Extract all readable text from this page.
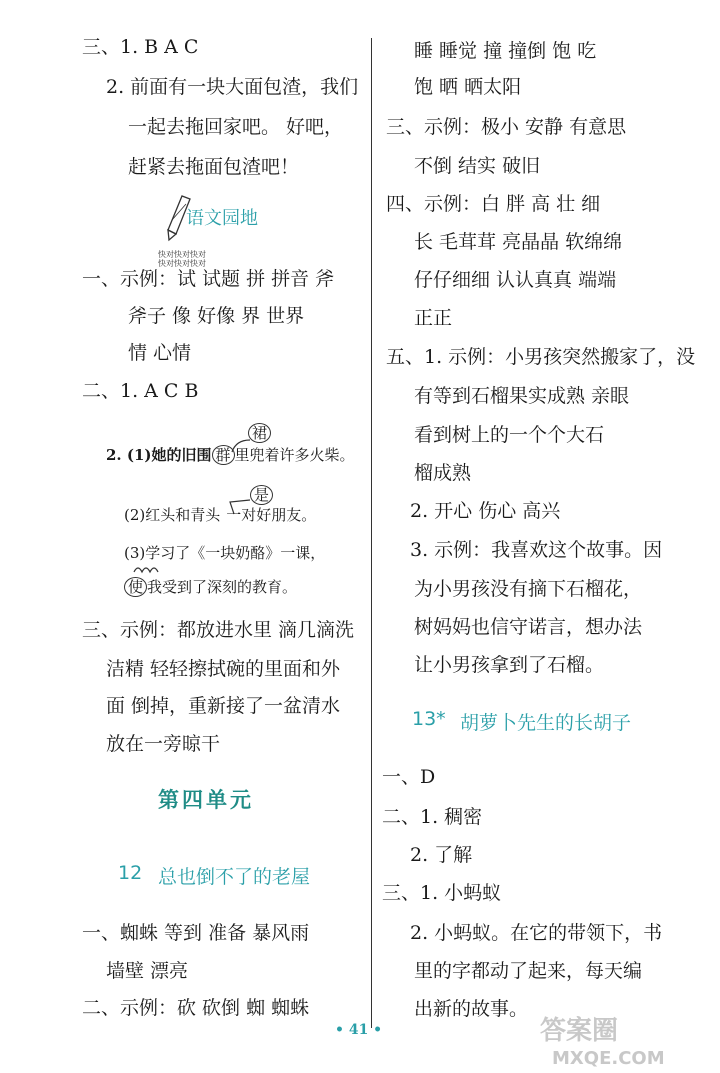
三、1. B A C
2. 前面有一块大面包渣，我们
一起去拖回家吧。 好吧，
赶紧去拖面包渣吧！
语文园地
快对快对快对
快对快对快对
一、示例：试 试题 拼 拼音 斧
斧子 像 好像 界 世界
情 心情
二、1. A C B
裙
2. (1)她的旧围 群 里兜着许多火柴。
是
(2)红头和青头 一对好朋友。
(3)学习了《一块奶酪》一课，
使 我受到了深刻的教育。
三、示例：都放进水里 滴几滴洗
洁精 轻轻擦拭碗的里面和外
面 倒掉，重新接了一盆清水
放在一旁晾干
第四单元
12 总也倒不了的老屋
一、蜘蛛 等到 准备 暴风雨
墙壁 漂亮
二、示例：砍 砍倒 蜘 蜘蛛
睡 睡觉 撞 撞倒 饱 吃
饱 晒 晒太阳
三、示例：极小 安静 有意思
不倒 结实 破旧
四、示例：白 胖 高 壮 细
长 毛茸茸 亮晶晶 软绵绵
仔仔细细 认认真真 端端
正正
五、1. 示例：小男孩突然搬家了，没
有等到石榴果实成熟 亲眼
看到树上的一个个大石
榴成熟
2. 开心 伤心 高兴
3. 示例：我喜欢这个故事。因
为小男孩没有摘下石榴花，
树妈妈也信守诺言，想办法
让小男孩拿到了石榴。
13* 胡萝卜先生的长胡子
一、D
二、1. 稠密
2. 了解
三、1. 小蚂蚁
2. 小蚂蚁。在它的带领下，书
里的字都动了起来，每天编
出新的故事。
• 41 •	答案圈
MXQE.COM
